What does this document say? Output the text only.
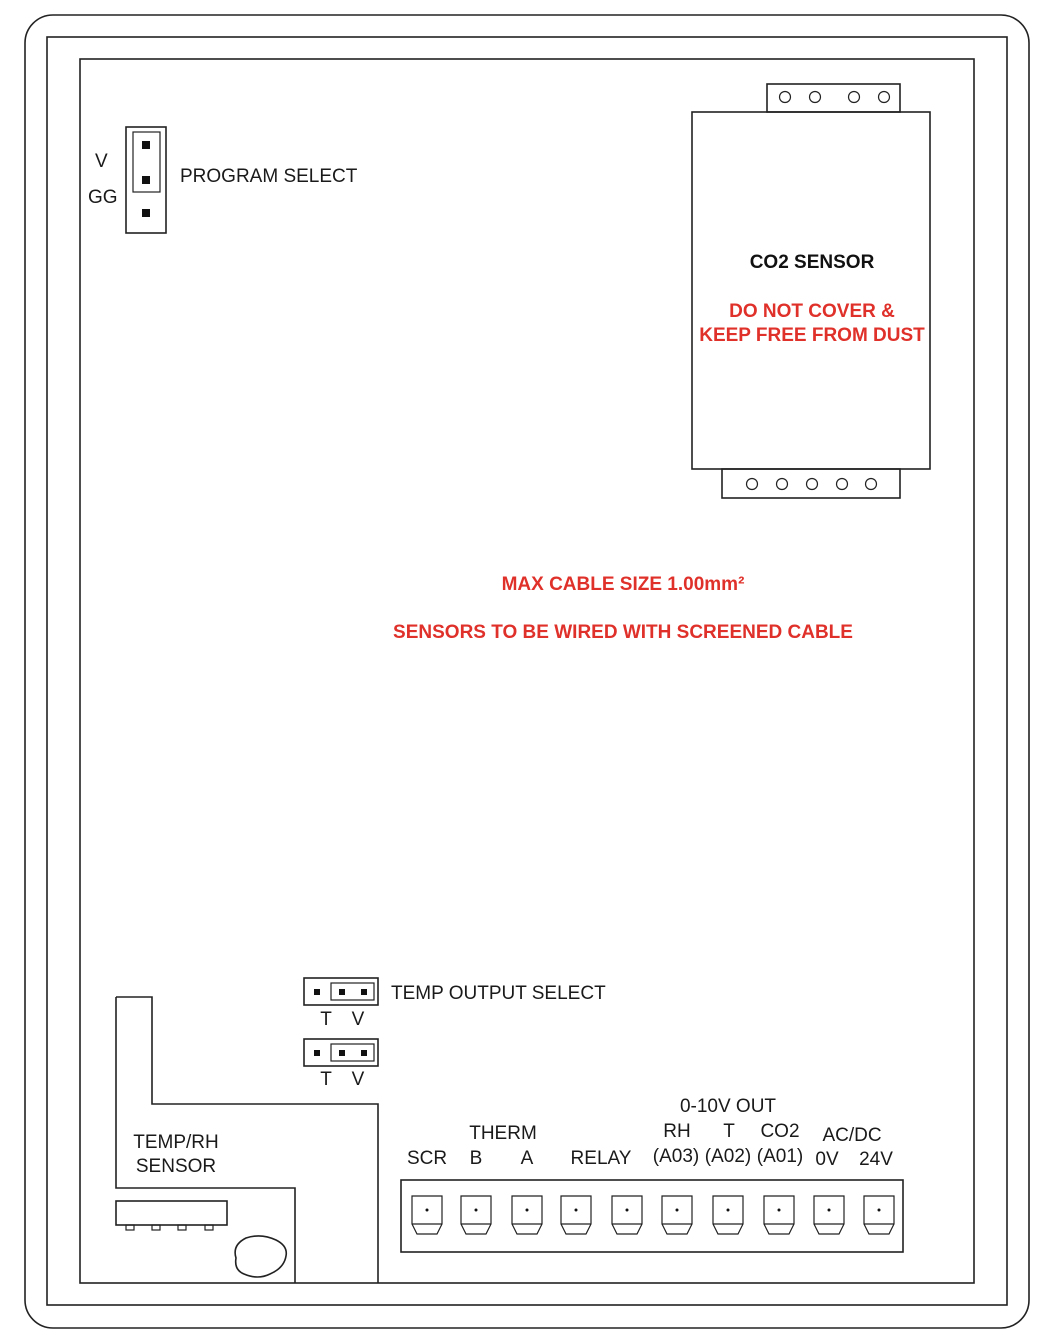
V
GG
PROGRAM SELECT
CO2 SENSOR
DO NOT COVER &
KEEP FREE FROM DUST
MAX CABLE SIZE 1.00mm²
SENSORS TO BE WIRED WITH SCREENED CABLE
TEMP OUTPUT SELECT
T V
T V
TEMP/RH
SENSOR	SCR
THERM
B A RELAY
0-10V OUT
RH T CO2
(A03) (A02) (A01)
AC/DC
0V 24V
